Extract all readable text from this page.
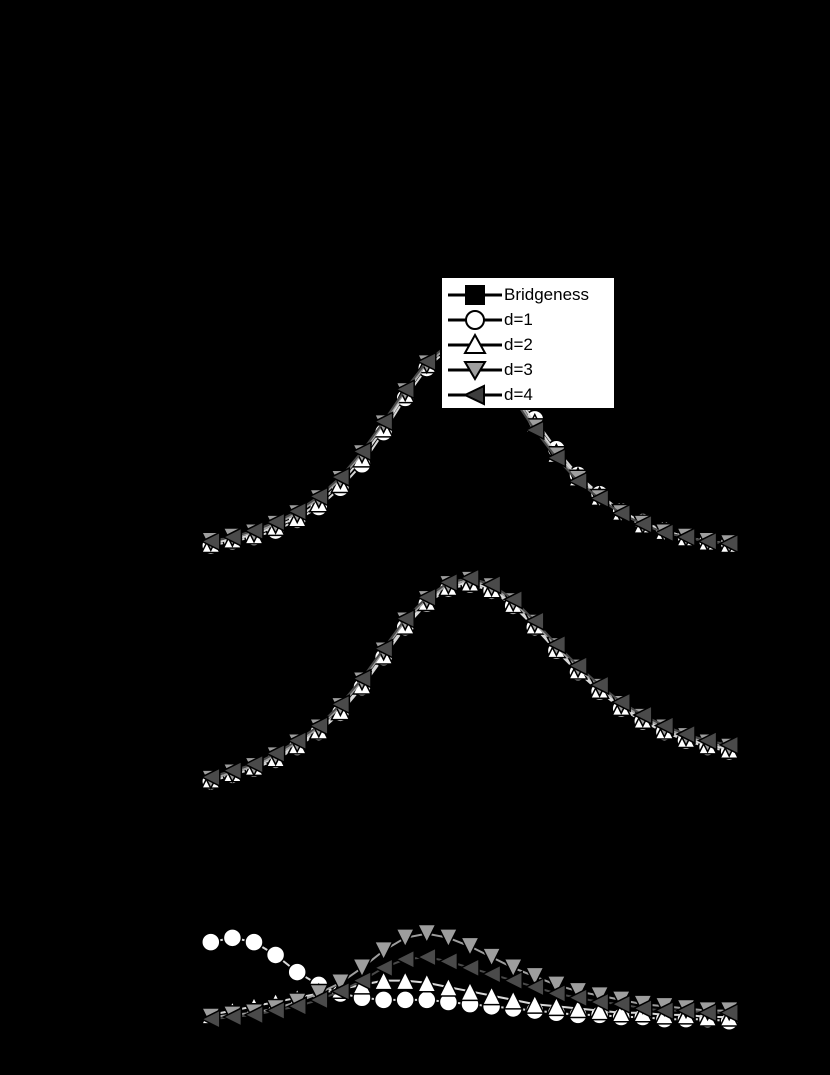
Bridgeness
d=1
d=2
d=3
d=4
